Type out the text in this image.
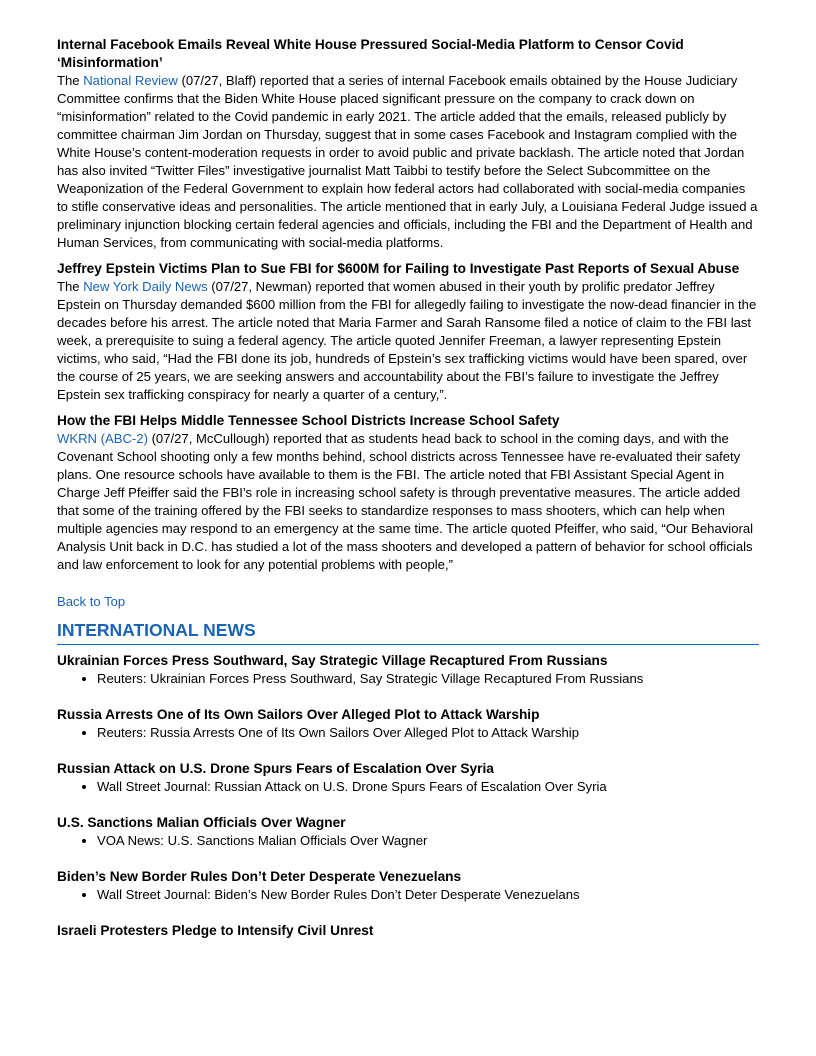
Internal Facebook Emails Reveal White House Pressured Social-Media Platform to Censor Covid ‘Misinformation’

The National Review (07/27, Blaff) reported that a series of internal Facebook emails obtained by the House Judiciary Committee confirms that the Biden White House placed significant pressure on the company to crack down on “misinformation” related to the Covid pandemic in early 2021. The article added that the emails, released publicly by committee chairman Jim Jordan on Thursday, suggest that in some cases Facebook and Instagram complied with the White House’s content-moderation requests in order to avoid public and private backlash. The article noted that Jordan has also invited “Twitter Files” investigative journalist Matt Taibbi to testify before the Select Subcommittee on the Weaponization of the Federal Government to explain how federal actors had collaborated with social-media companies to stifle conservative ideas and personalities. The article mentioned that in early July, a Louisiana Federal Judge issued a preliminary injunction blocking certain federal agencies and officials, including the FBI and the Department of Health and Human Services, from communicating with social-media platforms.

Jeffrey Epstein Victims Plan to Sue FBI for $600M for Failing to Investigate Past Reports of Sexual Abuse

The New York Daily News (07/27, Newman) reported that women abused in their youth by prolific predator Jeffrey Epstein on Thursday demanded $600 million from the FBI for allegedly failing to investigate the now-dead financier in the decades before his arrest. The article noted that Maria Farmer and Sarah Ransome filed a notice of claim to the FBI last week, a prerequisite to suing a federal agency. The article quoted Jennifer Freeman, a lawyer representing Epstein victims, who said, “Had the FBI done its job, hundreds of Epstein’s sex trafficking victims would have been spared, over the course of 25 years, we are seeking answers and accountability about the FBI’s failure to investigate the Jeffrey Epstein sex trafficking conspiracy for nearly a quarter of a century,”.

How the FBI Helps Middle Tennessee School Districts Increase School Safety

WKRN (ABC-2) (07/27, McCullough) reported that as students head back to school in the coming days, and with the Covenant School shooting only a few months behind, school districts across Tennessee have re-evaluated their safety plans. One resource schools have available to them is the FBI. The article noted that FBI Assistant Special Agent in Charge Jeff Pfeiffer said the FBI’s role in increasing school safety is through preventative measures. The article added that some of the training offered by the FBI seeks to standardize responses to mass shooters, which can help when multiple agencies may respond to an emergency at the same time. The article quoted Pfeiffer, who said, “Our Behavioral Analysis Unit back in D.C. has studied a lot of the mass shooters and developed a pattern of behavior for school officials and law enforcement to look for any potential problems with people,”

Back to Top
INTERNATIONAL NEWS

Ukrainian Forces Press Southward, Say Strategic Village Recaptured From Russians

• Reuters: Ukrainian Forces Press Southward, Say Strategic Village Recaptured From Russians

Russia Arrests One of Its Own Sailors Over Alleged Plot to Attack Warship

• Reuters: Russia Arrests One of Its Own Sailors Over Alleged Plot to Attack Warship

Russian Attack on U.S. Drone Spurs Fears of Escalation Over Syria

• Wall Street Journal: Russian Attack on U.S. Drone Spurs Fears of Escalation Over Syria

U.S. Sanctions Malian Officials Over Wagner

• VOA News: U.S. Sanctions Malian Officials Over Wagner

Biden’s New Border Rules Don’t Deter Desperate Venezuelans

• Wall Street Journal: Biden’s New Border Rules Don’t Deter Desperate Venezuelans

Israeli Protesters Pledge to Intensify Civil Unrest
